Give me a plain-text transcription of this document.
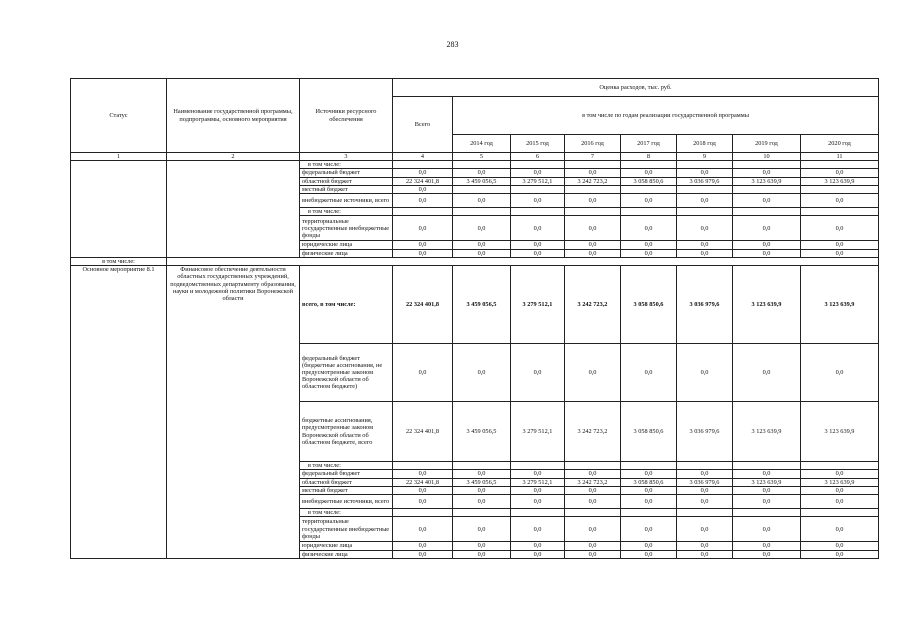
283
Статус	Наименование государственной программы, подпрограммы, основного мероприятия	Источники ресурсного обеспечения	Оценка расходов, тыс. руб.							
			Всего	в том числе по годам реализации государственной программы						
				2014 год	2015 год	2016 год	2017 год	2018 год	2019 год	2020 год
1	2	3	4	5	6	7	8	9	10	11
		в том числе:								
		федеральный бюджет	0,0	0,0	0,0	0,0	0,0	0,0	0,0	0,0
		областной бюджет	22 324 401,8	3 459 056,5	3 279 512,1	3 242 723,2	3 058 850,6	3 036 979,6	3 123 639,9	3 123 639,9
		местный бюджет	0,0							
		внебюджетные источники, всего	0,0	0,0	0,0	0,0	0,0	0,0	0,0	0,0
		в том числе:								
		территориальные государственные внебюджетные фонды	0,0	0,0	0,0	0,0	0,0	0,0	0,0	0,0
		юридические лица	0,0	0,0	0,0	0,0	0,0	0,0	0,0	0,0
		физические лица	0,0	0,0	0,0	0,0	0,0	0,0	0,0	0,0
в том числе:										
Основное мероприятие 8.1	Финансовое обеспечение деятельности областных государственных учреждений, подведомственных департаменту образования, науки и молодежной политики Воронежской области	всего, в том числе:	22 324 401,8	3 459 056,5	3 279 512,1	3 242 723,2	3 058 850,6	3 036 979,6	3 123 639,9	3 123 639,9
		федеральный бюджет (бюджетные ассигнования, не предусмотренные законом Воронежской области об областном бюджете)	0,0	0,0	0,0	0,0	0,0	0,0	0,0	0,0
		бюджетные ассигнования, предусмотренные законом Воронежской области об областном бюджете, всего	22 324 401,8	3 459 056,5	3 279 512,1	3 242 723,2	3 058 850,6	3 036 979,6	3 123 639,9	3 123 639,9
		в том числе:								
		федеральный бюджет	0,0	0,0	0,0	0,0	0,0	0,0	0,0	0,0
		областной бюджет	22 324 401,8	3 459 056,5	3 279 512,1	3 242 723,2	3 058 850,6	3 036 979,6	3 123 639,9	3 123 639,9
		местный бюджет	0,0	0,0	0,0	0,0	0,0	0,0	0,0	0,0
		внебюджетные источники, всего	0,0	0,0	0,0	0,0	0,0	0,0	0,0	0,0
		в том числе:								
		территориальные государственные внебюджетные фонды	0,0	0,0	0,0	0,0	0,0	0,0	0,0	0,0
		юридические лица	0,0	0,0	0,0	0,0	0,0	0,0	0,0	0,0
		физические лица	0,0	0,0	0,0	0,0	0,0	0,0	0,0	0,0
